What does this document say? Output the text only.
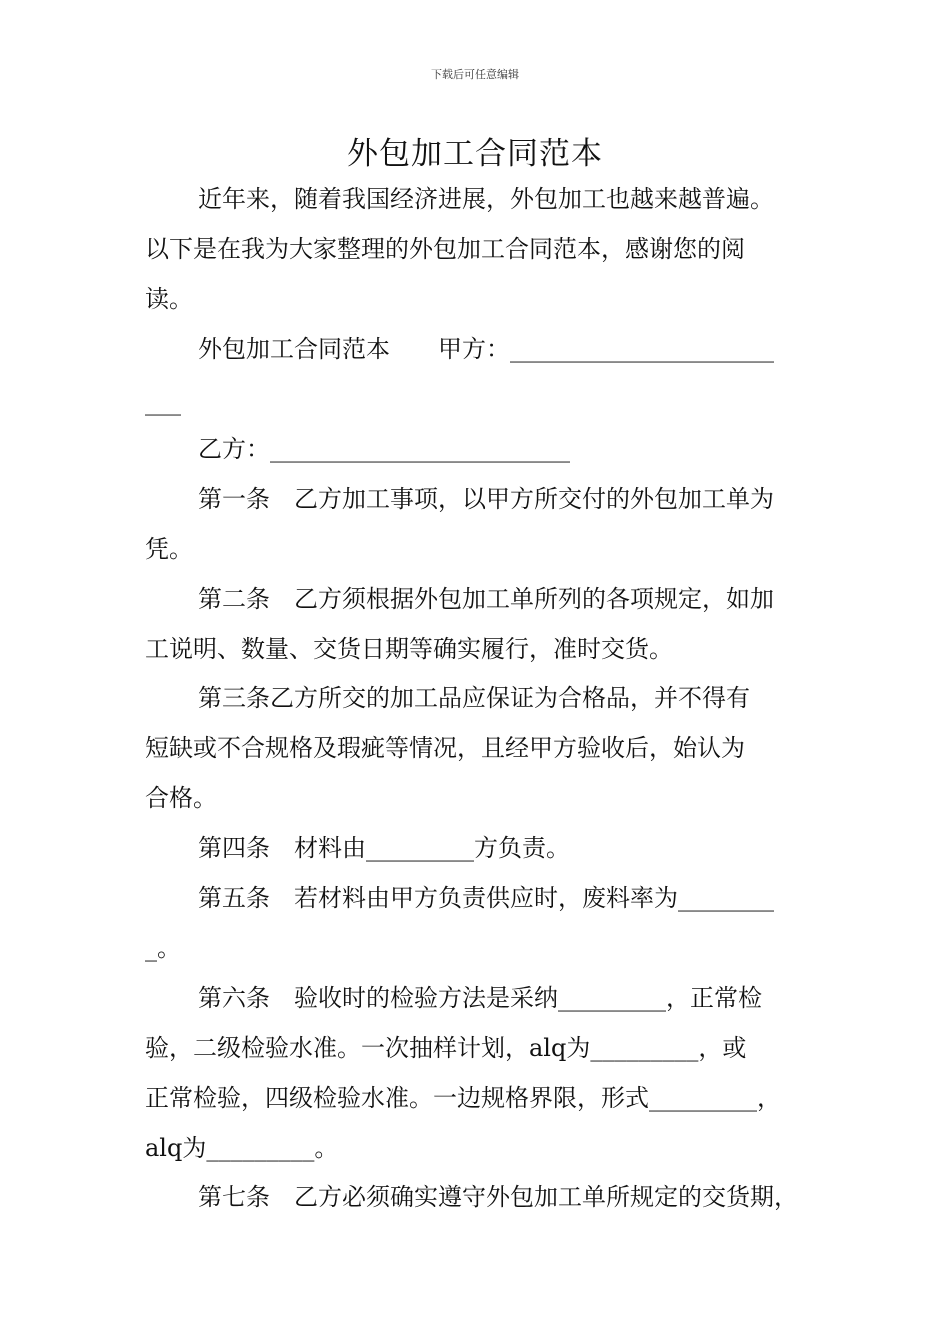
下载后可任意编辑
外包加工合同范本
近年来，随着我国经济进展，外包加工也越来越普遍。
以下是在我为大家整理的外包加工合同范本，感谢您的阅
读。
外包加工合同范本　　甲方：______________________
___
乙方：_________________________
第一条　乙方加工事项，以甲方所交付的外包加工单为
凭。
第二条　乙方须根据外包加工单所列的各项规定，如加
工说明、数量、交货日期等确实履行，准时交货。
第三条乙方所交的加工品应保证为合格品，并不得有
短缺或不合规格及瑕疵等情况，且经甲方验收后，始认为
合格。
第四条　材料由_________方负责。
第五条　若材料由甲方负责供应时，废料率为________
_。
第六条　验收时的检验方法是采纳_________，正常检
验，二级检验水准。一次抽样计划，alq为_________，或
正常检验，四级检验水准。一边规格界限，形式_________，
alq为_________。
第七条　乙方必须确实遵守外包加工单所规定的交货期，
